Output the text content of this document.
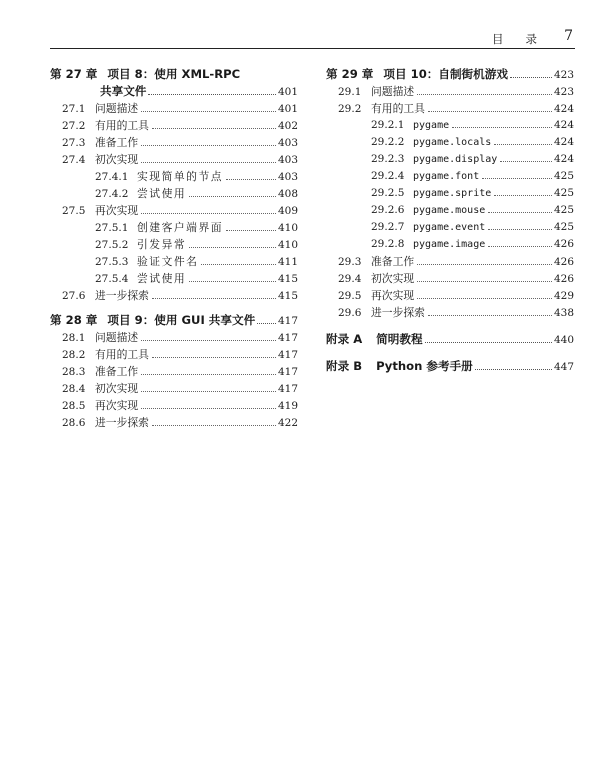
目 录 7
第 27 章 项目 8：使用 XML-RPC
共享文件	401
27.1 问题描述	401
27.2 有用的工具	402
27.3 准备工作	403
27.4 初次实现	403
27.4.1 实现简单的节点	403
27.4.2 尝试使用	408
27.5 再次实现	409
27.5.1 创建客户端界面	410
27.5.2 引发异常	410
27.5.3 验证文件名	411
27.5.4 尝试使用	415
27.6 进一步探索	415
第 28 章 项目 9：使用 GUI 共享文件 417
28.1 问题描述	417
28.2 有用的工具	417
28.3 准备工作	417
28.4 初次实现	417
28.5 再次实现	419
28.6 进一步探索	422
第 29 章 项目 10：自制街机游戏	423
29.1 问题描述	423
29.2 有用的工具	424
29.2.1 pygame	424
29.2.2 pygame.locals	424
29.2.3 pygame.display	424
29.2.4 pygame.font	425
29.2.5 pygame.sprite	425
29.2.6 pygame.mouse	425
29.2.7 pygame.event	425
29.2.8 pygame.image	426
29.3 准备工作	426
29.4 初次实现	426
29.5 再次实现	429
29.6 进一步探索	438
附录 A 简明教程	440
附录 B Python 参考手册	447
